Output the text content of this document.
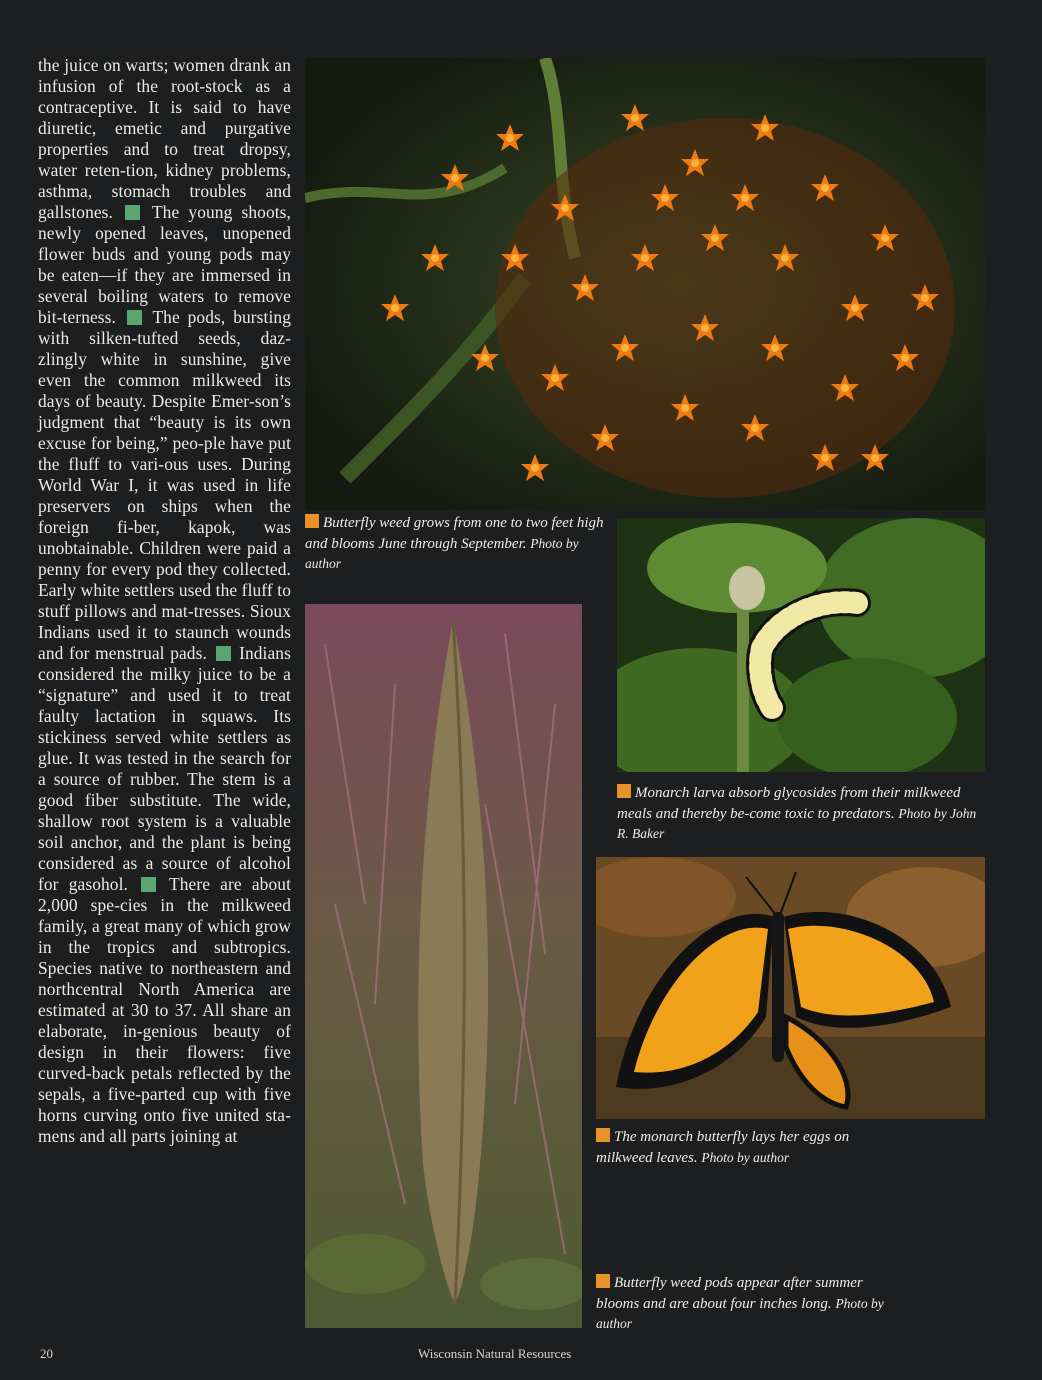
the juice on warts; women drank an infusion of the root-stock as a contraceptive. It is said to have diuretic, emetic and purgative properties and to treat dropsy, water reten-tion, kidney problems, asthma, stomach troubles and gallstones. The young shoots, newly opened leaves, unopened flower buds and young pods may be eaten—if they are immersed in several boiling waters to remove bit-terness. The pods, bursting with silken-tufted seeds, daz-zlingly white in sunshine, give even the common milkweed its days of beauty. Despite Emer-son’s judgment that “beauty is its own excuse for being,” peo-ple have put the fluff to vari-ous uses. During World War I, it was used in life preservers on ships when the foreign fi-ber, kapok, was unobtainable. Children were paid a penny for every pod they collected. Early white settlers used the fluff to stuff pillows and mat-tresses. Sioux Indians used it to staunch wounds and for menstrual pads. Indians considered the milky juice to be a “signature” and used it to treat faulty lactation in squaws. Its stickiness served white settlers as glue. It was tested in the search for a source of rubber. The stem is a good fiber substitute. The wide, shallow root system is a valuable soil anchor, and the plant is being considered as a source of alcohol for gasohol. There are about 2,000 spe-cies in the milkweed family, a great many of which grow in the tropics and subtropics. Species native to northeastern and northcentral North America are estimated at 30 to 37. All share an elaborate, in-genious beauty of design in their flowers: five curved-back petals reflected by the sepals, a five-parted cup with five horns curving onto five united sta-mens and all parts joining at

Butterfly weed grows from one to two feet high and blooms June through September. Photo by author
Monarch larva absorb glycosides from their milkweed meals and thereby be-come toxic to predators. Photo by John R. Baker
The monarch butterfly lays her eggs on milkweed leaves. Photo by author
Butterfly weed pods appear after summer blooms and are about four inches long. Photo by author
20	Wisconsin Natural Resources
